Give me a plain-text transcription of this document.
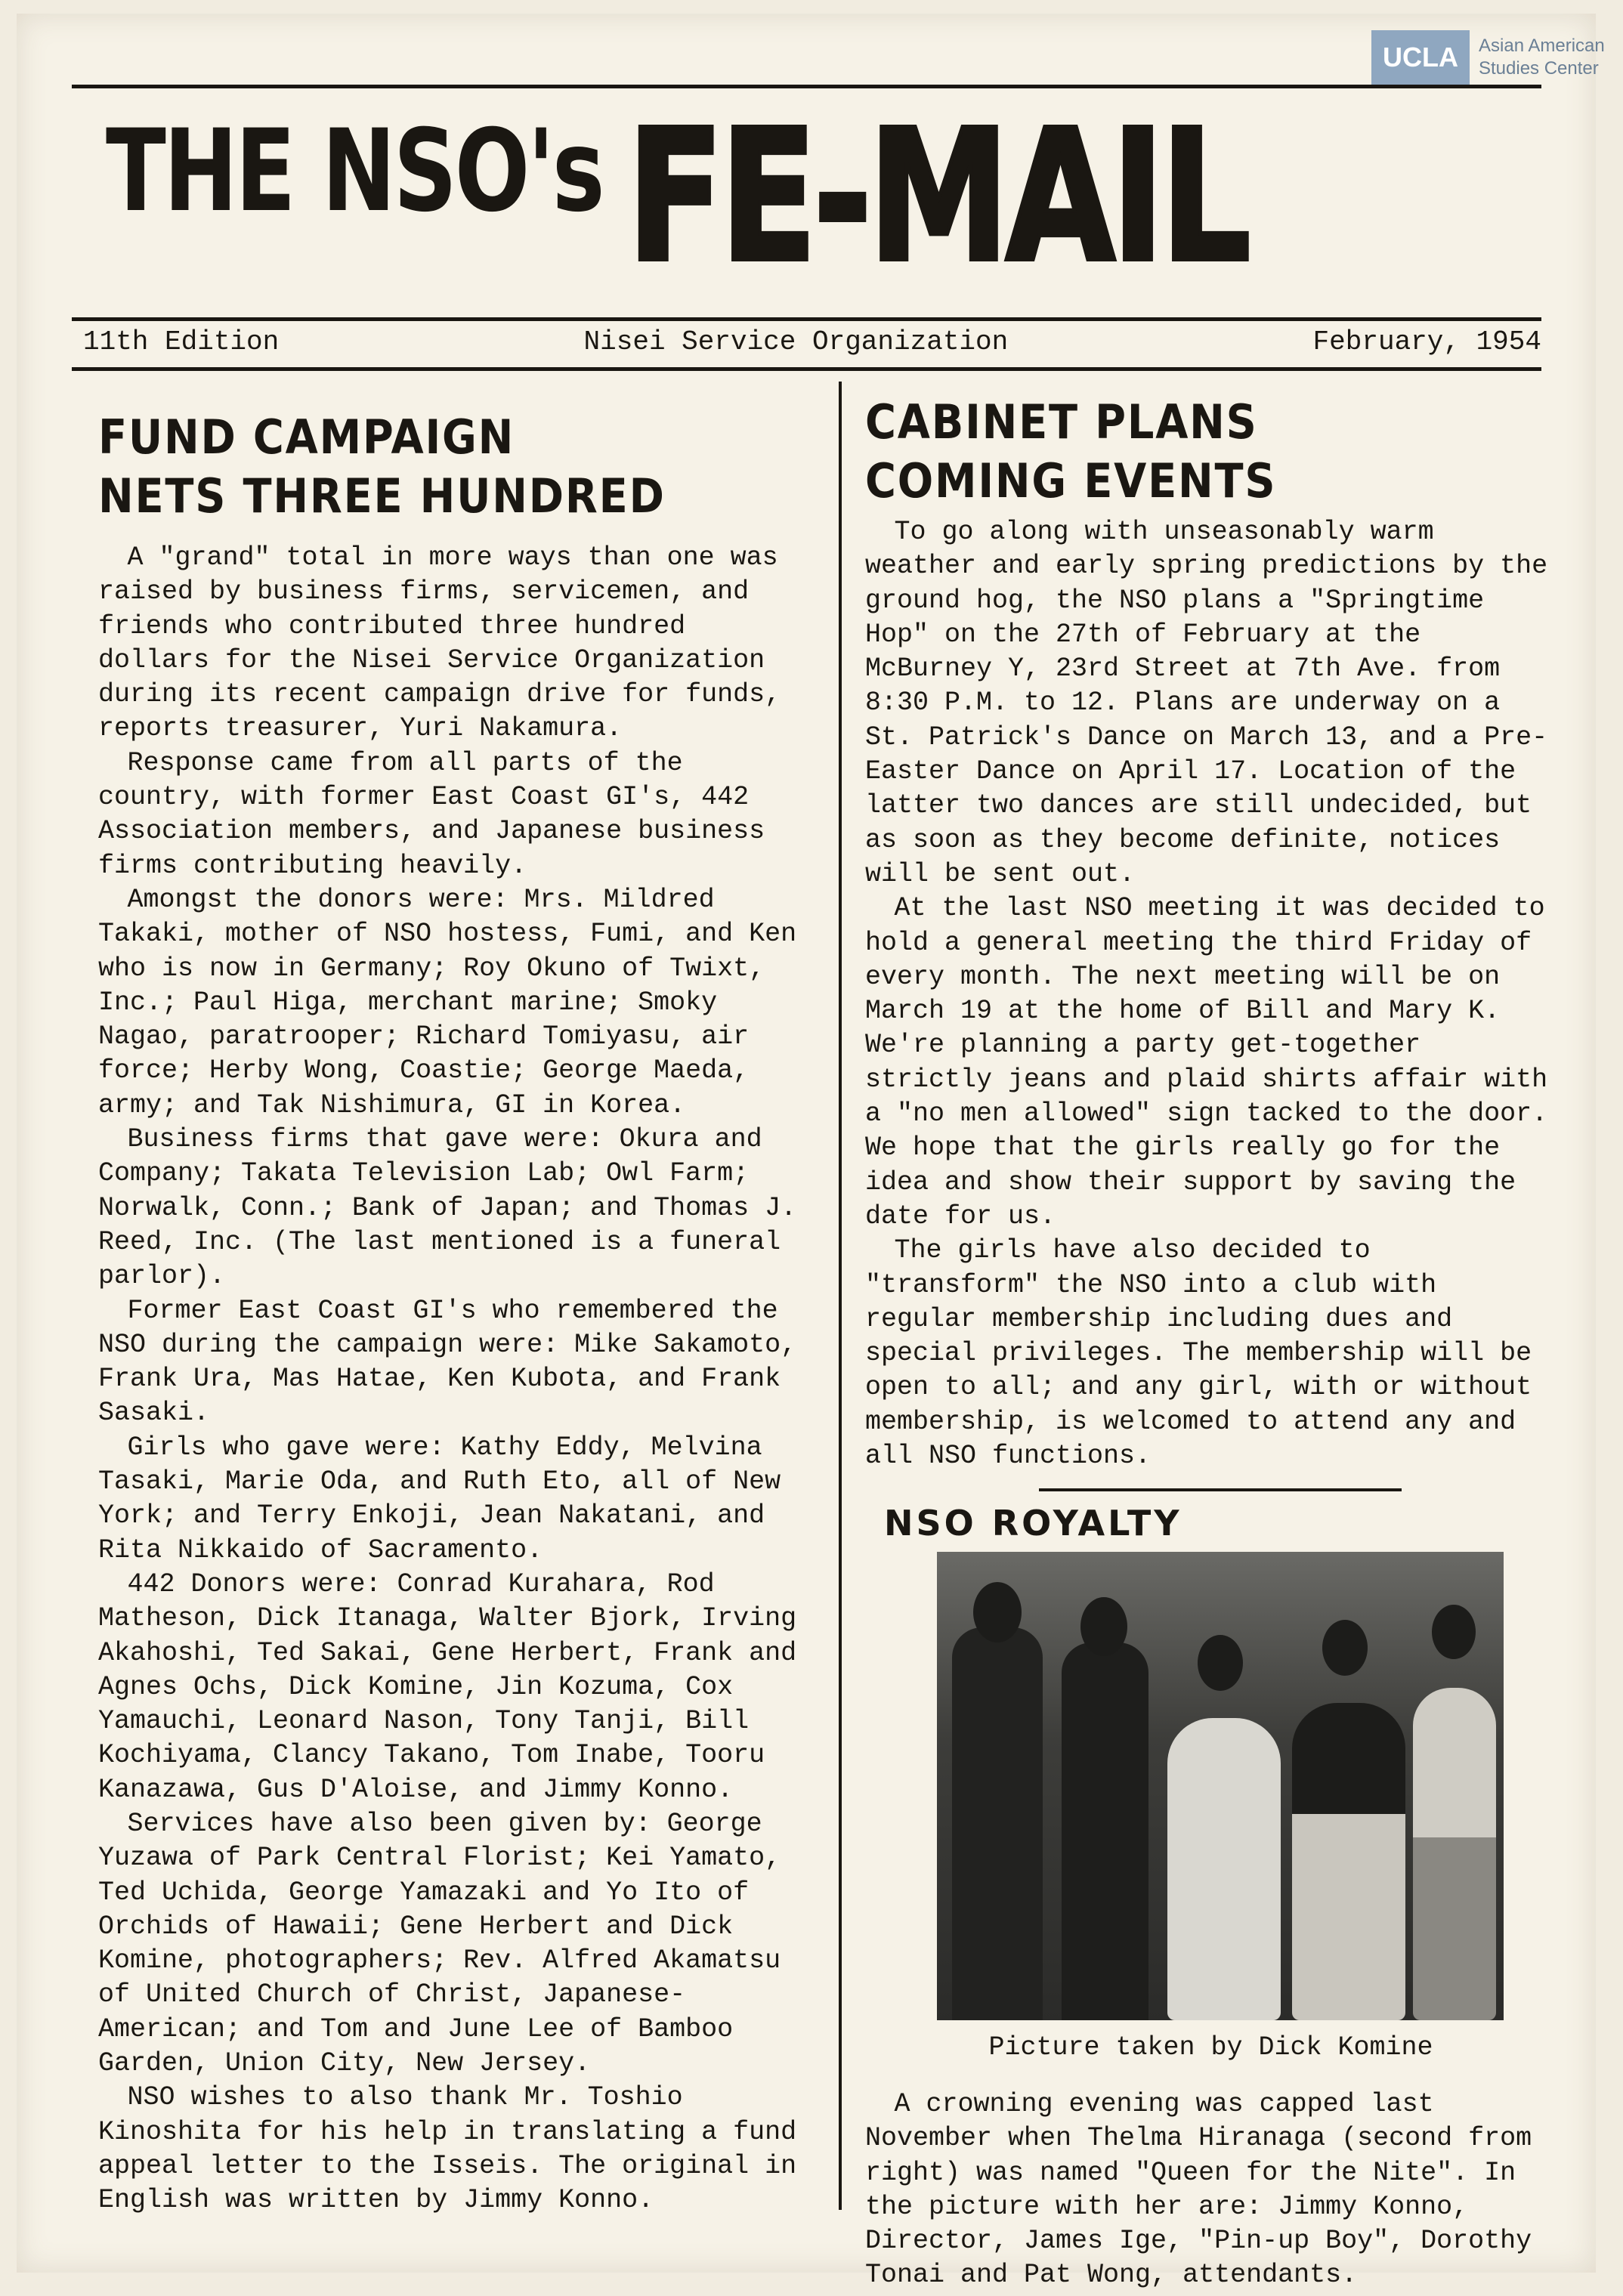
UCLA	Asian American Studies Center
THE NSO's FE-MAIL
11th Edition	Nisei Service Organization	February, 1954
FUND CAMPAIGN
NETS THREE HUNDRED

A "grand" total in more ways than one was raised by business firms, servicemen, and friends who contributed three hundred dollars for the Nisei Service Organization during its recent campaign drive for funds, reports treasurer, Yuri Nakamura.

Response came from all parts of the country, with former East Coast GI's, 442 Association members, and Japanese business firms contributing heavily.

Amongst the donors were: Mrs. Mildred Takaki, mother of NSO hostess, Fumi, and Ken who is now in Germany; Roy Okuno of Twixt, Inc.; Paul Higa, merchant marine; Smoky Nagao, paratrooper; Richard Tomiyasu, air force; Herby Wong, Coastie; George Maeda, army; and Tak Nishimura, GI in Korea.

Business firms that gave were: Okura and Company; Takata Television Lab; Owl Farm; Norwalk, Conn.; Bank of Japan; and Thomas J. Reed, Inc. (The last mentioned is a funeral parlor).

Former East Coast GI's who remembered the NSO during the campaign were: Mike Sakamoto, Frank Ura, Mas Hatae, Ken Kubota, and Frank Sasaki.

Girls who gave were: Kathy Eddy, Melvina Tasaki, Marie Oda, and Ruth Eto, all of New York; and Terry Enkoji, Jean Nakatani, and Rita Nikkaido of Sacramento.

442 Donors were: Conrad Kurahara, Rod Matheson, Dick Itanaga, Walter Bjork, Irving Akahoshi, Ted Sakai, Gene Herbert, Frank and Agnes Ochs, Dick Komine, Jin Kozuma, Cox Yamauchi, Leonard Nason, Tony Tanji, Bill Kochiyama, Clancy Takano, Tom Inabe, Tooru Kanazawa, Gus D'Aloise, and Jimmy Konno.

Services have also been given by: George Yuzawa of Park Central Florist; Kei Yamato, Ted Uchida, George Yamazaki and Yo Ito of Orchids of Hawaii; Gene Herbert and Dick Komine, photographers; Rev. Alfred Akamatsu of United Church of Christ, Japanese-American; and Tom and June Lee of Bamboo Garden, Union City, New Jersey.

NSO wishes to also thank Mr. Toshio Kinoshita for his help in translating a fund appeal letter to the Isseis. The original in English was written by Jimmy Konno.

CABINET PLANS
COMING EVENTS

To go along with unseasonably warm weather and early spring predictions by the ground hog, the NSO plans a "Springtime Hop" on the 27th of February at the McBurney Y, 23rd Street at 7th Ave. from 8:30 P.M. to 12. Plans are underway on a St. Patrick's Dance on March 13, and a Pre-Easter Dance on April 17. Location of the latter two dances are still undecided, but as soon as they become definite, notices will be sent out.

At the last NSO meeting it was decided to hold a general meeting the third Friday of every month. The next meeting will be on March 19 at the home of Bill and Mary K. We're planning a party get-together strictly jeans and plaid shirts affair with a "no men allowed" sign tacked to the door. We hope that the girls really go for the idea and show their support by saving the date for us.

The girls have also decided to "transform" the NSO into a club with regular membership including dues and special privileges. The membership will be open to all; and any girl, with or without membership, is welcomed to attend any and all NSO functions.

NSO ROYALTY
Picture taken by Dick Komine

A crowning evening was capped last November when Thelma Hiranaga (second from right) was named "Queen for the Nite". In the picture with her are: Jimmy Konno, Director, James Ige, "Pin-up Boy", Dorothy Tonai and Pat Wong, attendants.
